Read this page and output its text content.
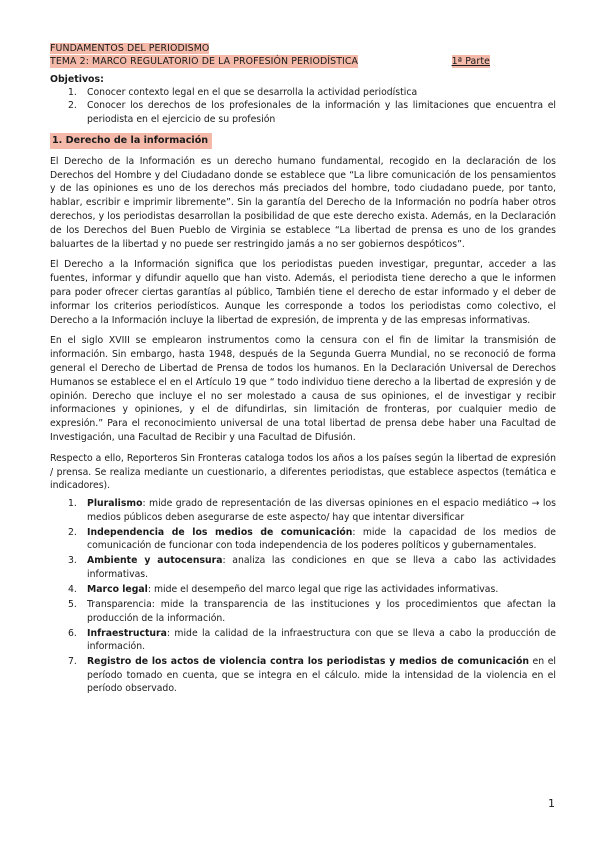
FUNDAMENTOS DEL PERIODISMO
TEMA 2: MARCO REGULATORIO DE LA PROFESIÓN PERIODÍSTICA	1ª Parte
Objetivos:
1. Conocer contexto legal en el que se desarrolla la actividad periodística
2. Conocer los derechos de los profesionales de la información y las limitaciones que encuentra el periodista en el ejercicio de su profesión
1. Derecho de la información

El Derecho de la Información es un derecho humano fundamental, recogido en la declaración de los Derechos del Hombre y del Ciudadano donde se establece que “La libre comunicación de los pensamientos y de las opiniones es uno de los derechos más preciados del hombre, todo ciudadano puede, por tanto, hablar, escribir e imprimir libremente”. Sin la garantía del Derecho de la Información no podría haber otros derechos, y los periodistas desarrollan la posibilidad de que este derecho exista. Además, en la Declaración de los Derechos del Buen Pueblo de Virginia se establece “La libertad de prensa es uno de los grandes baluartes de la libertad y no puede ser restringido jamás a no ser gobiernos despóticos”.

El Derecho a la Información significa que los periodistas pueden investigar, preguntar, acceder a las fuentes, informar y difundir aquello que han visto. Además, el periodista tiene derecho a que le informen para poder ofrecer ciertas garantías al público, También tiene el derecho de estar informado y el deber de informar los criterios periodísticos. Aunque les corresponde a todos los periodistas como colectivo, el Derecho a la Información incluye la libertad de expresión, de imprenta y de las empresas informativas.

En el siglo XVIII se emplearon instrumentos como la censura con el fin de limitar la transmisión de información. Sin embargo, hasta 1948, después de la Segunda Guerra Mundial, no se reconoció de forma general el Derecho de Libertad de Prensa de todos los humanos. En la Declaración Universal de Derechos Humanos se establece el en el Artículo 19 que “ todo individuo tiene derecho a la libertad de expresión y de opinión. Derecho que incluye el no ser molestado a causa de sus opiniones, el de investigar y recibir informaciones y opiniones, y el de difundirlas, sin limitación de fronteras, por cualquier medio de expresión.” Para el reconocimiento universal de una total libertad de prensa debe haber una Facultad de Investigación, una Facultad de Recibir y una Facultad de Difusión.

Respecto a ello, Reporteros Sin Fronteras cataloga todos los años a los países según la libertad de expresión / prensa. Se realiza mediante un cuestionario, a diferentes periodistas, que establece aspectos (temática e indicadores).

1. Pluralismo: mide grado de representación de las diversas opiniones en el espacio mediático → los medios públicos deben asegurarse de este aspecto/ hay que intentar diversificar
2. Independencia de los medios de comunicación: mide la capacidad de los medios de comunicación de funcionar con toda independencia de los poderes políticos y gubernamentales.
3. Ambiente y autocensura: analiza las condiciones en que se lleva a cabo las actividades informativas.
4. Marco legal: mide el desempeño del marco legal que rige las actividades informativas.
5. Transparencia: mide la transparencia de las instituciones y los procedimientos que afectan la producción de la información.
6. Infraestructura: mide la calidad de la infraestructura con que se lleva a cabo la producción de información.
7. Registro de los actos de violencia contra los periodistas y medios de comunicación en el período tomado en cuenta, que se integra en el cálculo. mide la intensidad de la violencia en el período observado.
1
